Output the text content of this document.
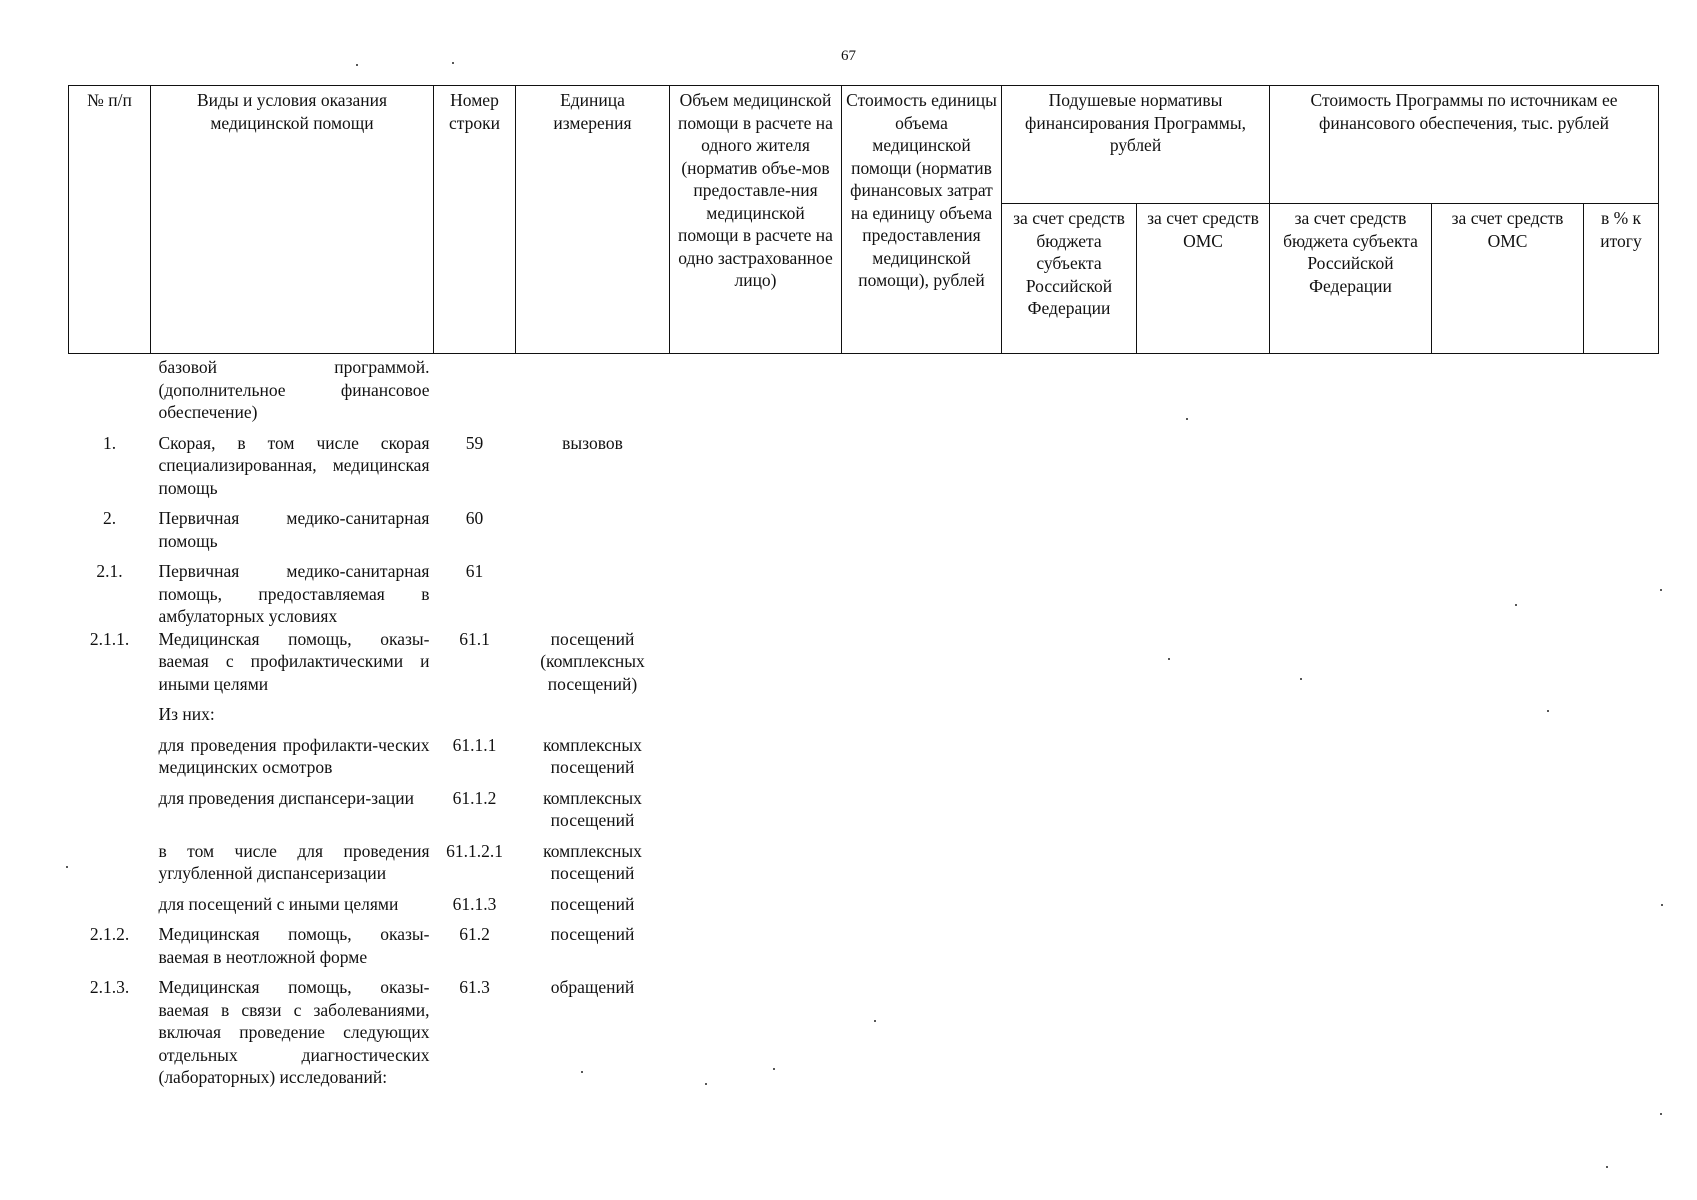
67
№ п/п	Виды и условия оказания медицинской помощи	Номер строки	Единица измерения	Объем медицинской помощи в расчете на одного жителя (норматив объе-мов предоставле-ния медицинской помощи в расчете на одно застрахованное лицо)	Стоимость единицы объема медицинской помощи (норматив финансовых затрат на единицу объема предоставления медицинской помощи), рублей	Подушевые нормативы финансирования Программы, рублей		Стоимость Программы по источникам ее финансового обеспечения, тыс. рублей		
						за счет средств бюджета субъекта Российской Федерации	за счет средств ОМС	за счет средств бюджета субъекта Российской Федерации	за счет средств ОМС	в % к итогу
	базовой программой. (дополнительное финансовое обеспечение)									
1.	Скорая, в том числе скорая специализированная, медицинская помощь	59	вызовов							
2.	Первичная медико-санитарная помощь	60								
2.1.	Первичная медико-санитарная помощь, предоставляемая в амбулаторных условиях	61								
2.1.1.	Медицинская помощь, оказы-ваемая с профилактическими и иными целями	61.1	посещений (комплексных посещений)							
	Из них:									
	для проведения профилакти-ческих медицинских осмотров	61.1.1	комплексных посещений							
	для проведения диспансери-зации	61.1.2	комплексных посещений							
	в том числе для проведения углубленной диспансеризации	61.1.2.1	комплексных посещений							
	для посещений с иными целями	61.1.3	посещений							
2.1.2.	Медицинская помощь, оказы-ваемая в неотложной форме	61.2	посещений							
2.1.3.	Медицинская помощь, оказы-ваемая в связи с заболеваниями, включая проведение следующих отдельных диагностических (лабораторных) исследований:	61.3	обращений							
